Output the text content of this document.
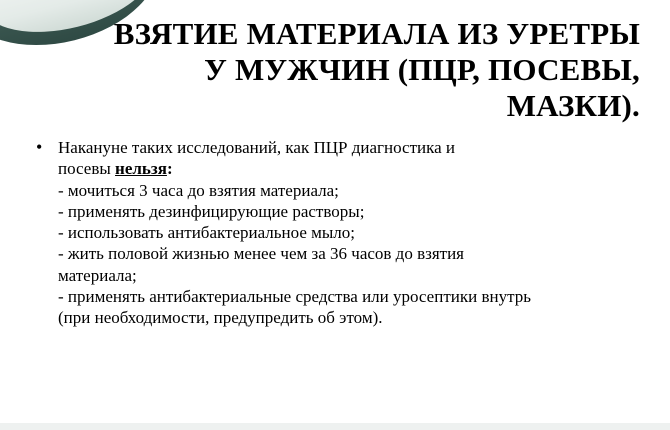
ВЗЯТИЕ МАТЕРИАЛА ИЗ УРЕТРЫ
У МУЖЧИН (ПЦР, ПОСЕВЫ,
МАЗКИ).
• Накануне таких исследований, как ПЦР диагностика и
посевы нельзя:
- мочиться 3 часа до взятия материала;
- применять дезинфицирующие растворы;
- использовать антибактериальное мыло;
- жить половой жизнью менее чем за 36 часов до взятия
материала;
- применять антибактериальные средства или уросептики внутрь
(при необходимости, предупредить об этом).
